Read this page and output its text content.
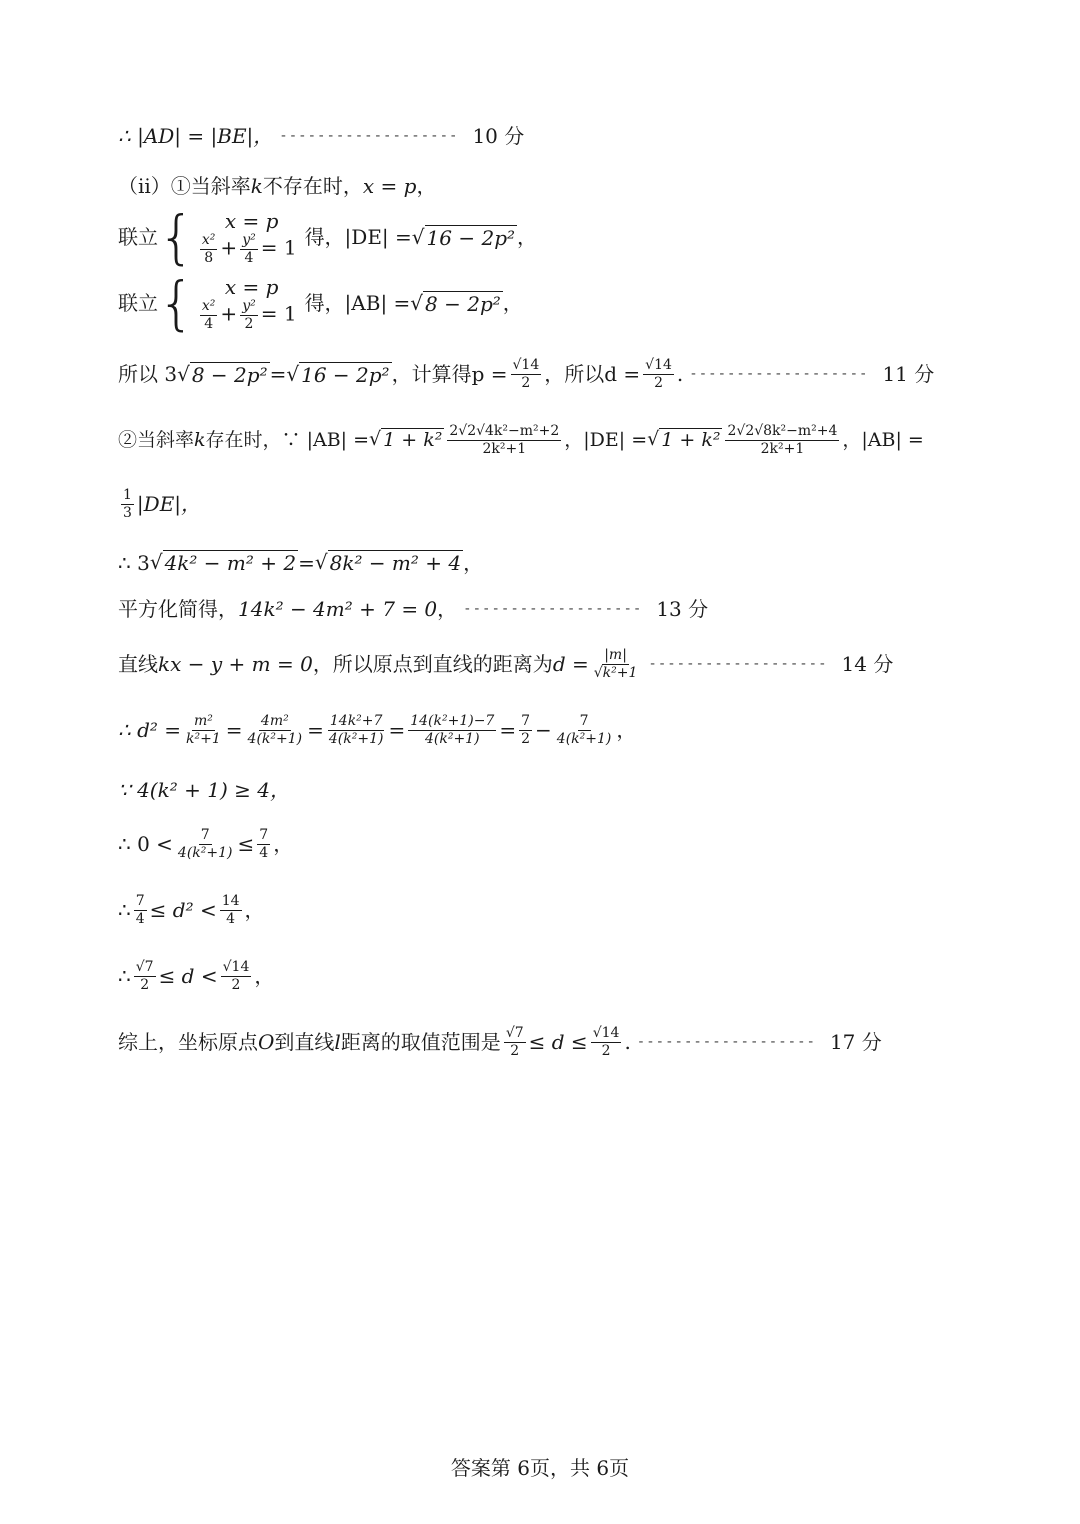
∴ |AD| = |BE|， ------------------- 10 分
（ⅱ） ①当斜率 k 不存在时， x = p ，
联立 { x = p
$\frac{\text{x²}}{8} + \frac{\text{y²}}{4} = 1$ 得，|DE| = √ 16 − 2p² ，
联立 { x = p
$\frac{\text{x²}}{4} + \frac{\text{y²}}{2} = 1$ 得，|AB| = √ 8 − 2p² ，
所以 3 √ 8 − 2p² = √ 16 − 2p² ，计算得$p = \frac{√14}{2}$ ，所以$d = \frac{√14}{2}$ . ------------------- 11 分
②当斜率 k 存在时，∵ |AB| = √ $1 + k^2 \frac{\text{2√2√4k²−m²+2}}{\text{2k²+1}}$ ，|DE| = √ $1 + k^2 \frac{\text{2√2√8k²−m²+4}}{\text{2k²+1}}$ ，|AB| =
$\frac{1}{3} |DE|$，
∴ 3 √ 4k² − m² + 2 = √ 8k² − m² + 4 ，
平方化简得， 14k² − 4m² + 7 = 0 ， ------------------- 13 分
直线 kx − y + m = 0 ，所以原点到直线的距离为 $d = \frac{|m|}{\text{√k²+1}}$ ------------------- 14 分
∴ $d^2 = \frac{\text{m²}}{\text{k²+1}} = \frac{\text{4m²}}{\text{4(k²+1)}} = \frac{\text{14k²+7}}{\text{4(k²+1)}} = \frac{\text{14(k²+1)−7}}{\text{4(k²+1)}} = \frac{7}{2} - \frac{7}{\text{4(k²+1)}}$ ，
∵ 4(k² + 1) ≥ 4，
∴ $0 < \frac{7}{\text{4(k²+1)}} \le \frac{7}{4}$ ，
∴ $\frac{7}{4} \le d^2 < \frac{14}{4}$ ，
∴ $\frac{√7}{2} \le d < \frac{√14}{2}$ ，
综上，坐标原点 O 到直线 l 距离的取值范围是 $\frac{√7}{2} \le d \le \frac{√14}{2}$ . ------------------- 17 分
答案第 6页，共 6页
